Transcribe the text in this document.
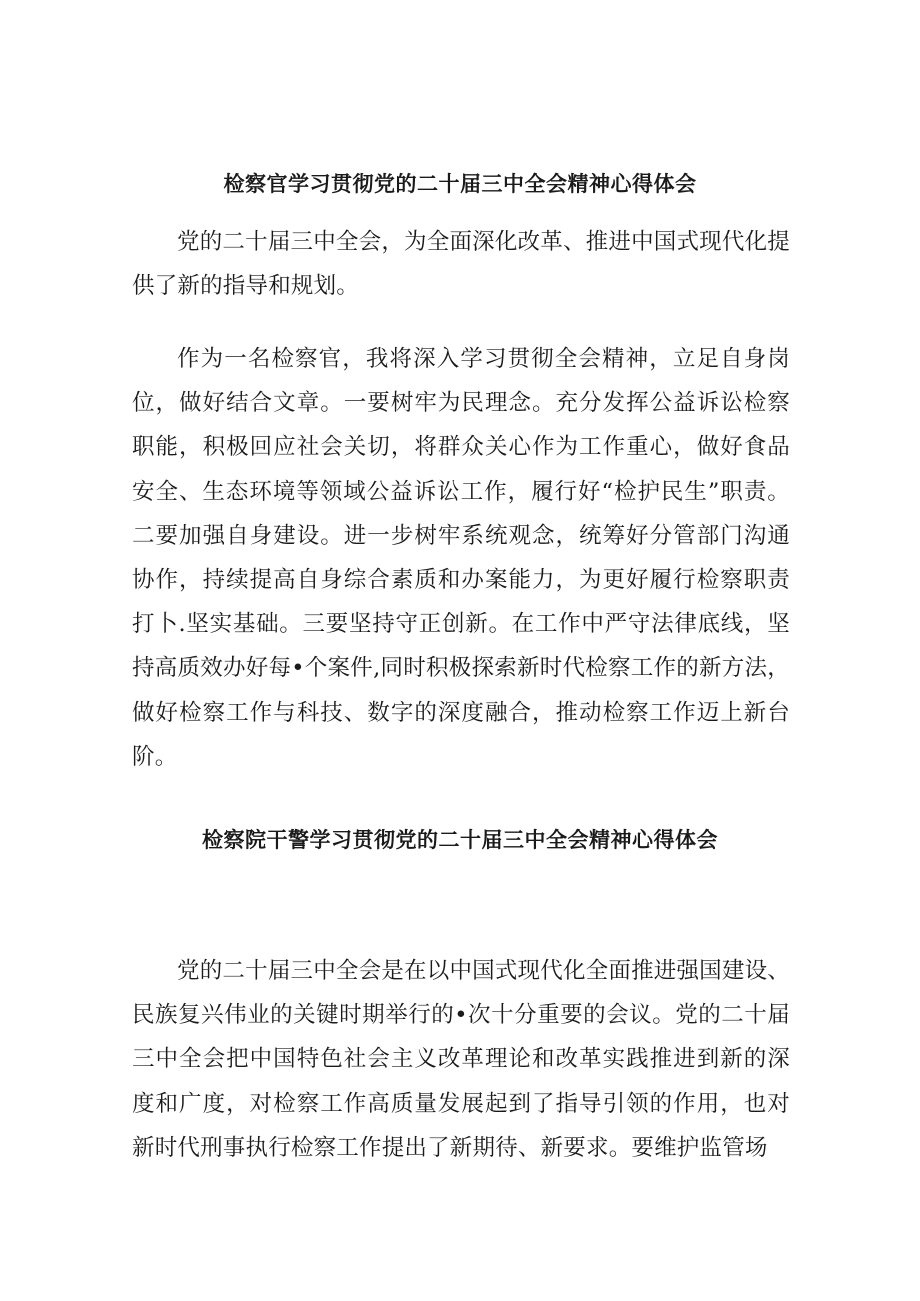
检察官学习贯彻党的二十届三中全会精神心得体会

党的二十届三中全会，为全面深化改革、推进中国式现代化提供了新的指导和规划。

作为一名检察官，我将深入学习贯彻全会精神，立足自身岗位，做好结合文章。一要树牢为民理念。充分发挥公益诉讼检察职能，积极回应社会关切，将群众关心作为工作重心，做好食品安全、生态环境等领域公益诉讼工作，履行好“检护民生”职责。二要加强自身建设。进一步树牢系统观念，统筹好分管部门沟通协作，持续提高自身综合素质和办案能力，为更好履行检察职责打卜.坚实基础。三要坚持守正创新。在工作中严守法律底线，坚持高质效办好每•个案件,同时积极探索新时代检察工作的新方法，做好检察工作与科技、数字的深度融合，推动检察工作迈上新台阶。

检察院干警学习贯彻党的二十届三中全会精神心得体会

党的二十届三中全会是在以中国式现代化全面推进强国建设、民族复兴伟业的关键时期举行的•次十分重要的会议。党的二十届三中全会把中国特色社会主义改革理论和改革实践推进到新的深度和广度，对检察工作高质量发展起到了指导引领的作用，也对新时代刑事执行检察工作提出了新期待、新要求。要维护监管场
